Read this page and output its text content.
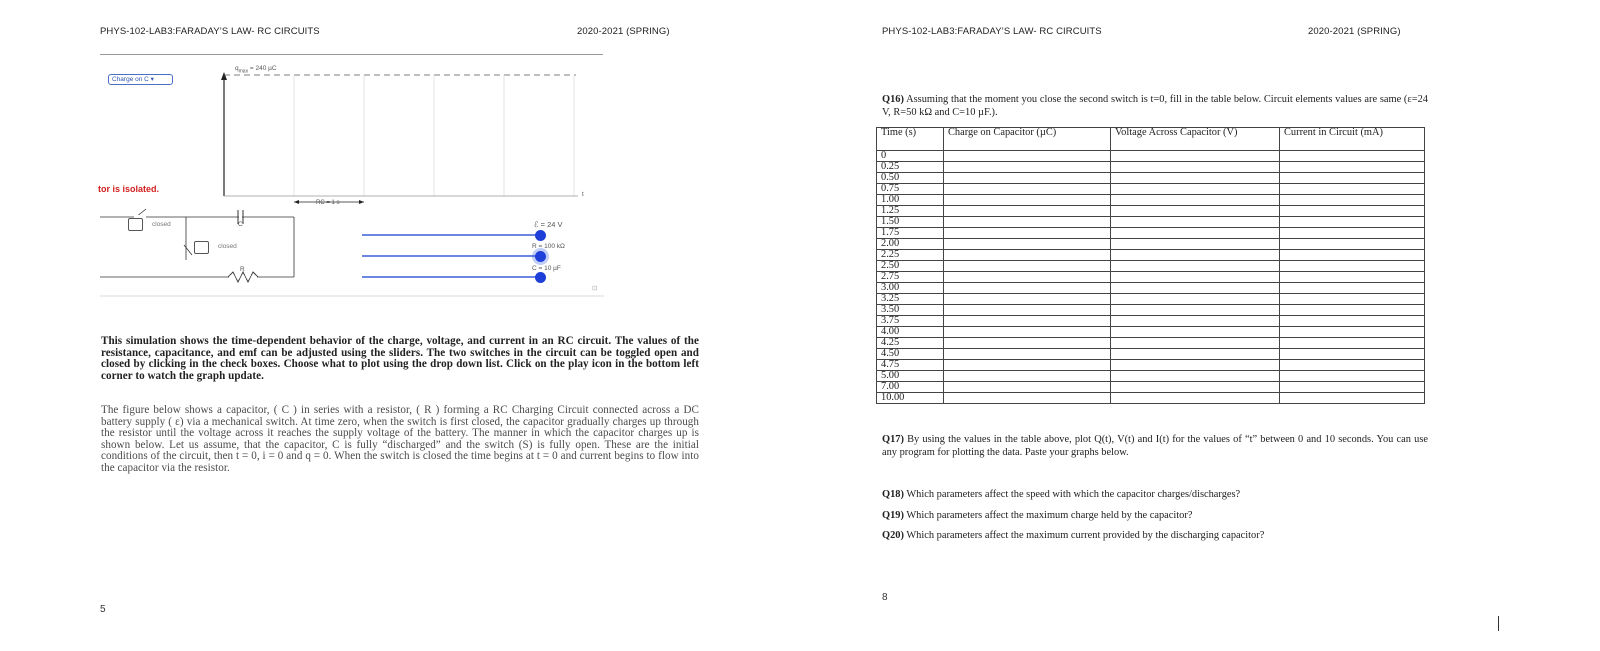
PHYS-102-LAB3:FARADAY’S LAW- RC CIRCUITS	2020-2021 (SPRING)
Charge on C ▾
$q_{max} = 240$ µC
t
RC = 1 s
tor is isolated.
closed
closed
C
R
ℰ = 24 V
R = 100 kΩ
C = 10 µF
⊡
This simulation shows the time-dependent behavior of the charge, voltage, and current in an RC circuit. The values of the resistance, capacitance, and emf can be adjusted using the sliders. The two switches in the circuit can be toggled open and closed by clicking in the check boxes. Choose what to plot using the drop down list. Click on the play icon in the bottom left corner to watch the graph update.
The figure below shows a capacitor, ( C ) in series with a resistor, ( R ) forming a RC Charging Circuit connected across a DC battery supply ( ε) via a mechanical switch. At time zero, when the switch is first closed, the capacitor gradually charges up through the resistor until the voltage across it reaches the supply voltage of the battery. The manner in which the capacitor charges up is shown below. Let us assume, that the capacitor, C is fully “discharged” and the switch (S) is fully open. These are the initial conditions of the circuit, then t = 0, i = 0 and q = 0. When the switch is closed the time begins at t = 0 and current begins to flow into the capacitor via the resistor.
5
PHYS-102-LAB3:FARADAY’S LAW- RC CIRCUITS	2020-2021 (SPRING)
Q16) Assuming that the moment you close the second switch is t=0, fill in the table below. Circuit elements values are same (ε=24 V, R=50 kΩ and C=10 µF.).
Time (s)	Charge on Capacitor (µC)	Voltage Across Capacitor (V)	Current in Circuit (mA)
0			
0.25			
0.50			
0.75			
1.00			
1.25			
1.50			
1.75			
2.00			
2.25			
2.50			
2.75			
3.00			
3.25			
3.50			
3.75			
4.00			
4.25			
4.50			
4.75			
5.00			
7.00			
10.00			
Q17) By using the values in the table above, plot Q(t), V(t) and I(t) for the values of “t” between 0 and 10 seconds. You can use any program for plotting the data. Paste your graphs below.
Q18) Which parameters affect the speed with which the capacitor charges/discharges?
Q19) Which parameters affect the maximum charge held by the capacitor?
Q20) Which parameters affect the maximum current provided by the discharging capacitor?
8
